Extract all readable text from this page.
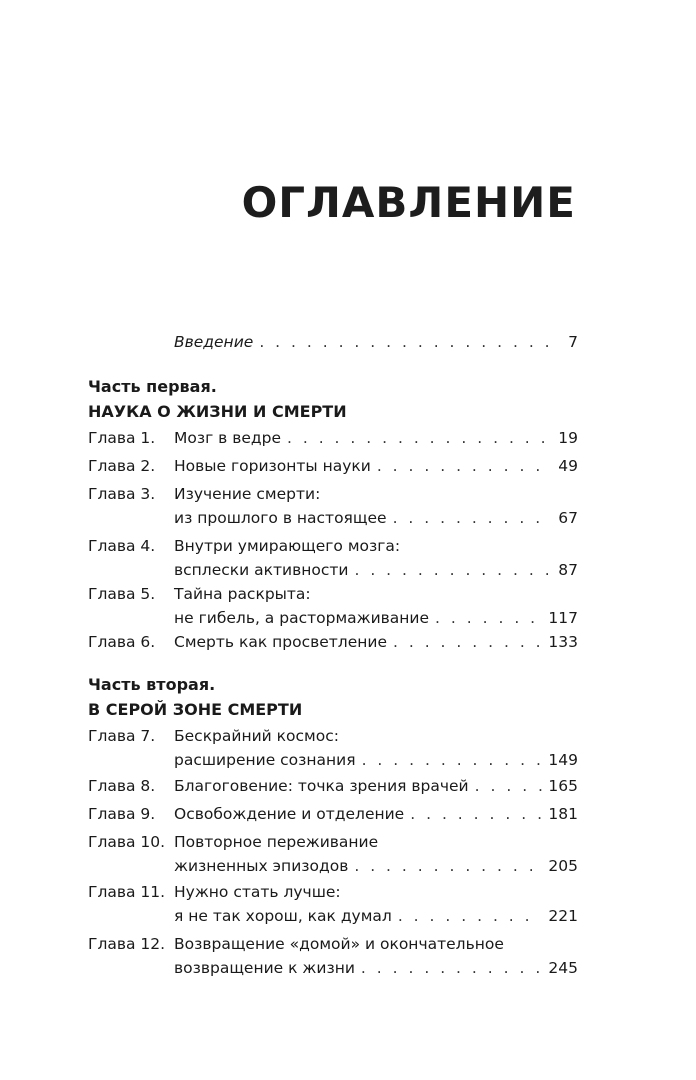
ОГЛАВЛЕНИЕ
Введение . . .	7
Часть первая.
НАУКА О ЖИЗНИ И СМЕРТИ
Глава 1. Мозг в ведре . . .	19
Глава 2. Новые горизонты науки . . .	49
Глава 3. Изучение смерти:
из прошлого в настоящее . . .	67
Глава 4. Внутри умирающего мозга:
всплески активности . . .	87
Глава 5. Тайна раскрыта:
не гибель, а растормаживание . . .	117
Глава 6. Смерть как просветление . . .	133
Часть вторая.
В СЕРОЙ ЗОНЕ СМЕРТИ
Глава 7. Бескрайний космос:
расширение сознания . . .	149
Глава 8. Благоговение: точка зрения врачей . . .	165
Глава 9. Освобождение и отделение . . .	181
Глава 10. Повторное переживание
жизненных эпизодов . . .	205
Глава 11. Нужно стать лучше:
я не так хорош, как думал . . .	221
Глава 12. Возвращение «домой» и окончательное
возвращение к жизни . . .	245
